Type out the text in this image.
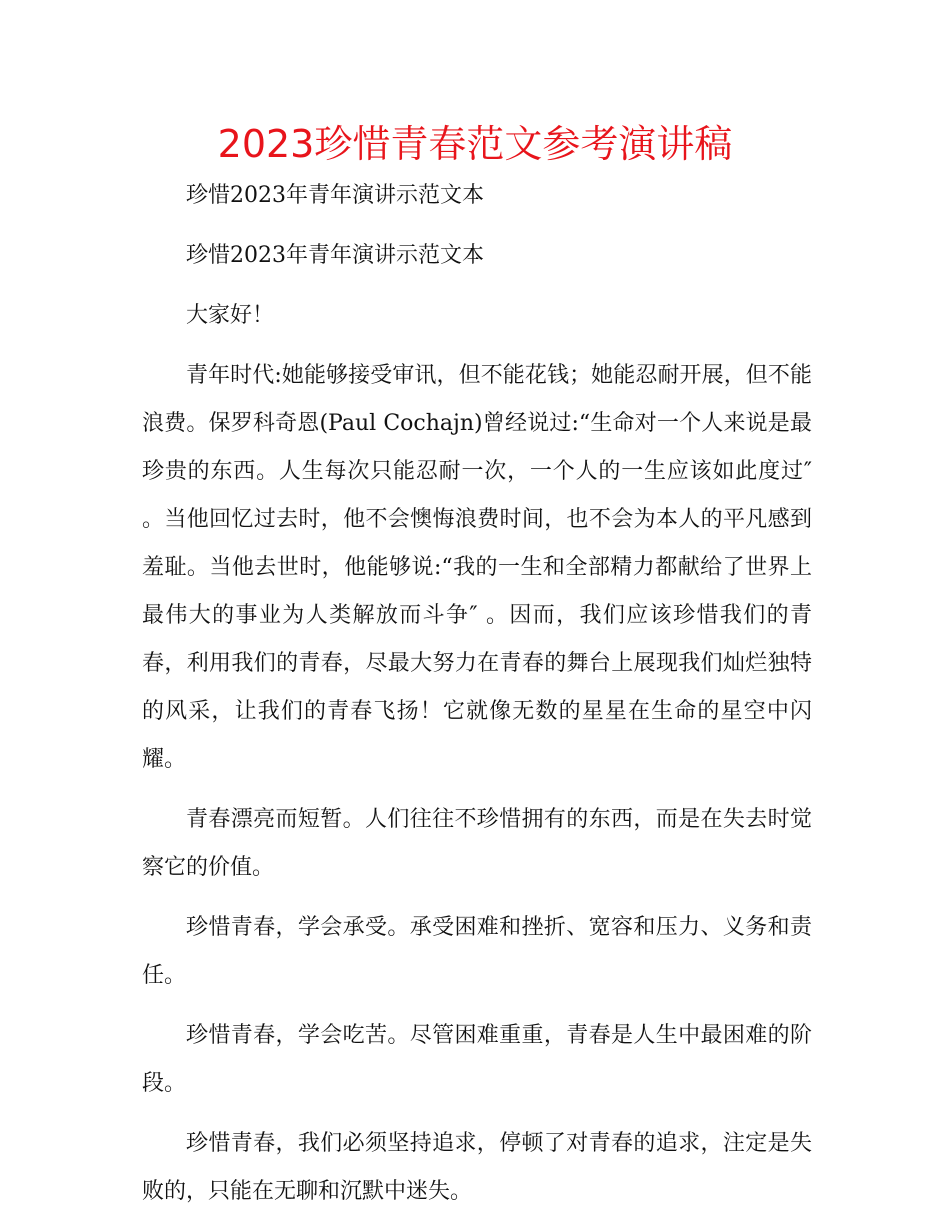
2023珍惜青春范文参考演讲稿

珍惜2023年青年演讲示范文本

珍惜2023年青年演讲示范文本

大家好！

青年时代:她能够接受审讯，但不能花钱；她能忍耐开展，但不能浪费。保罗科奇恩(Paul Cochajn)曾经说过:“生命对一个人来说是最珍贵的东西。人生每次只能忍耐一次，一个人的一生应该如此度过″ 。当他回忆过去时，他不会懊悔浪费时间，也不会为本人的平凡感到羞耻。当他去世时，他能够说:“我的一生和全部精力都献给了世界上最伟大的事业为人类解放而斗争″ 。因而，我们应该珍惜我们的青春，利用我们的青春，尽最大努力在青春的舞台上展现我们灿烂独特的风采，让我们的青春飞扬！它就像无数的星星在生命的星空中闪耀。

青春漂亮而短暂。人们往往不珍惜拥有的东西，而是在失去时觉察它的价值。

珍惜青春，学会承受。承受困难和挫折、宽容和压力、义务和责任。

珍惜青春，学会吃苦。尽管困难重重，青春是人生中最困难的阶段。

珍惜青春，我们必须坚持追求，停顿了对青春的追求，注定是失败的，只能在无聊和沉默中迷失。
